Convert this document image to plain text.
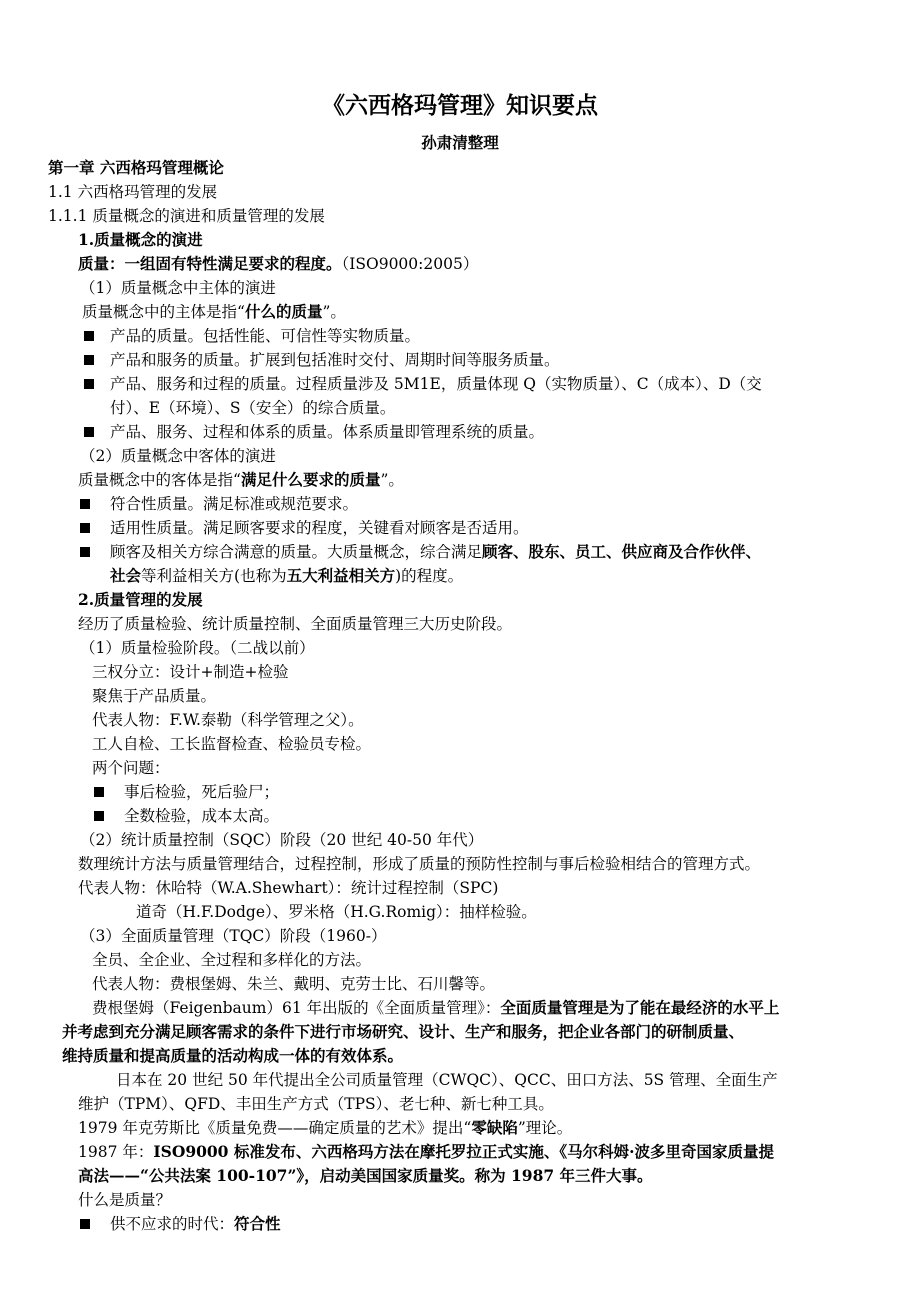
《六西格玛管理》知识要点
孙肃清整理
第一章 六西格玛管理概论
1.1 六西格玛管理的发展
1.1.1 质量概念的演进和质量管理的发展
1.质量概念的演进
质量：一组固有特性满足要求的程度。（ISO9000:2005）
（1）质量概念中主体的演进
质量概念中的主体是指“什么的质量”。
产品的质量。包括性能、可信性等实物质量。
产品和服务的质量。扩展到包括准时交付、周期时间等服务质量。
产品、服务和过程的质量。过程质量涉及 5M1E，质量体现 Q（实物质量）、C（成本）、D（交
付）、E（环境）、S（安全）的综合质量。
产品、服务、过程和体系的质量。体系质量即管理系统的质量。
（2）质量概念中客体的演进
质量概念中的客体是指“满足什么要求的质量”。
符合性质量。满足标准或规范要求。
适用性质量。满足顾客要求的程度，关键看对顾客是否适用。
顾客及相关方综合满意的质量。大质量概念，综合满足顾客、股东、员工、供应商及合作伙伴、
社会等利益相关方(也称为五大利益相关方)的程度。
2.质量管理的发展
经历了质量检验、统计质量控制、全面质量管理三大历史阶段。
（1）质量检验阶段。（二战以前）
三权分立：设计+制造+检验
聚焦于产品质量。
代表人物：F.W.泰勒（科学管理之父）。
工人自检、工长监督检查、检验员专检。
两个问题：
事后检验，死后验尸；
全数检验，成本太高。
（2）统计质量控制（SQC）阶段（20 世纪 40-50 年代）
数理统计方法与质量管理结合，过程控制，形成了质量的预防性控制与事后检验相结合的管理方式。
代表人物：休哈特（W.A.Shewhart）：统计过程控制（SPC)
道奇（H.F.Dodge）、罗米格（H.G.Romig）：抽样检验。
（3）全面质量管理（TQC）阶段（1960-）
全员、全企业、全过程和多样化的方法。
代表人物：费根堡姆、朱兰、戴明、克劳士比、石川馨等。
费根堡姆（Feigenbaum）61 年出版的《全面质量管理》：全面质量管理是为了能在最经济的水平上
并考虑到充分满足顾客需求的条件下进行市场研究、设计、生产和服务，把企业各部门的研制质量、
维持质量和提高质量的活动构成一体的有效体系。
日本在 20 世纪 50 年代提出全公司质量管理（CWQC）、QCC、田口方法、5S 管理、全面生产
维护（TPM）、QFD、丰田生产方式（TPS）、老七种、新七种工具。
1979 年克劳斯比《质量免费——确定质量的艺术》提出“零缺陷”理论。
1987 年：ISO9000 标准发布、六西格玛方法在摩托罗拉正式实施、《马尔科姆·波多里奇国家质量提
高法——“公共法案 100-107”》，启动美国国家质量奖。称为 1987 年三件大事。
什么是质量？
供不应求的时代：符合性
